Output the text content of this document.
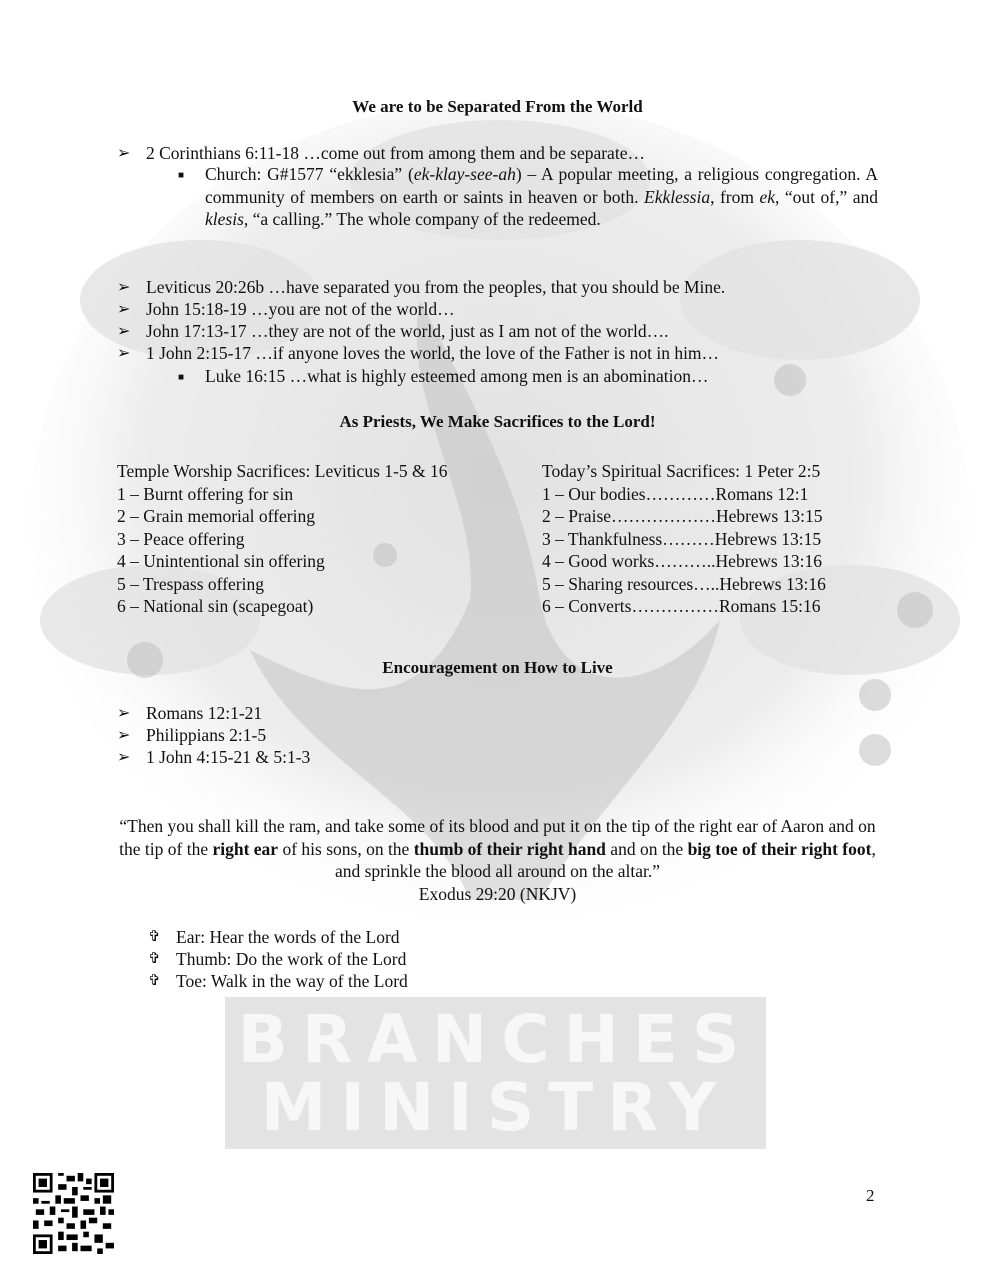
We are to be Separated From the World
➢ 2 Corinthians 6:11-18 …come out from among them and be separate…
■ Church: G#1577 “ekklesia” (ek-klay-see-ah) – A popular meeting, a religious congregation. A community of members on earth or saints in heaven or both. Ekklessia, from ek, “out of,” and klesis, “a calling.” The whole company of the redeemed.
➢ Leviticus 20:26b …have separated you from the peoples, that you should be Mine.
➢ John 15:18-19 …you are not of the world…
➢ John 17:13-17 …they are not of the world, just as I am not of the world….
➢ 1 John 2:15-17 …if anyone loves the world, the love of the Father is not in him…
■ Luke 16:15 …what is highly esteemed among men is an abomination…
As Priests, We Make Sacrifices to the Lord!
Temple Worship Sacrifices: Leviticus 1-5 & 16
1 – Burnt offering for sin
2 – Grain memorial offering
3 – Peace offering
4 – Unintentional sin offering
5 – Trespass offering
6 – National sin (scapegoat)
Today’s Spiritual Sacrifices: 1 Peter 2:5
1 – Our bodies…………Romans 12:1
2 – Praise………………Hebrews 13:15
3 – Thankfulness………Hebrews 13:15
4 – Good works………..Hebrews 13:16
5 – Sharing resources…..Hebrews 13:16
6 – Converts……………Romans 15:16
Encouragement on How to Live
➢ Romans 12:1-21
➢ Philippians 2:1-5
➢ 1 John 4:15-21 & 5:1-3
“Then you shall kill the ram, and take some of its blood and put it on the tip of the right ear of Aaron and on the tip of the right ear of his sons, on the thumb of their right hand and on the big toe of their right foot, and sprinkle the blood all around on the altar.”
Exodus 29:20 (NKJV)
✞ Ear: Hear the words of the Lord
✞ Thumb: Do the work of the Lord
✞ Toe: Walk in the way of the Lord
BRANCHES
MINISTRY
2
